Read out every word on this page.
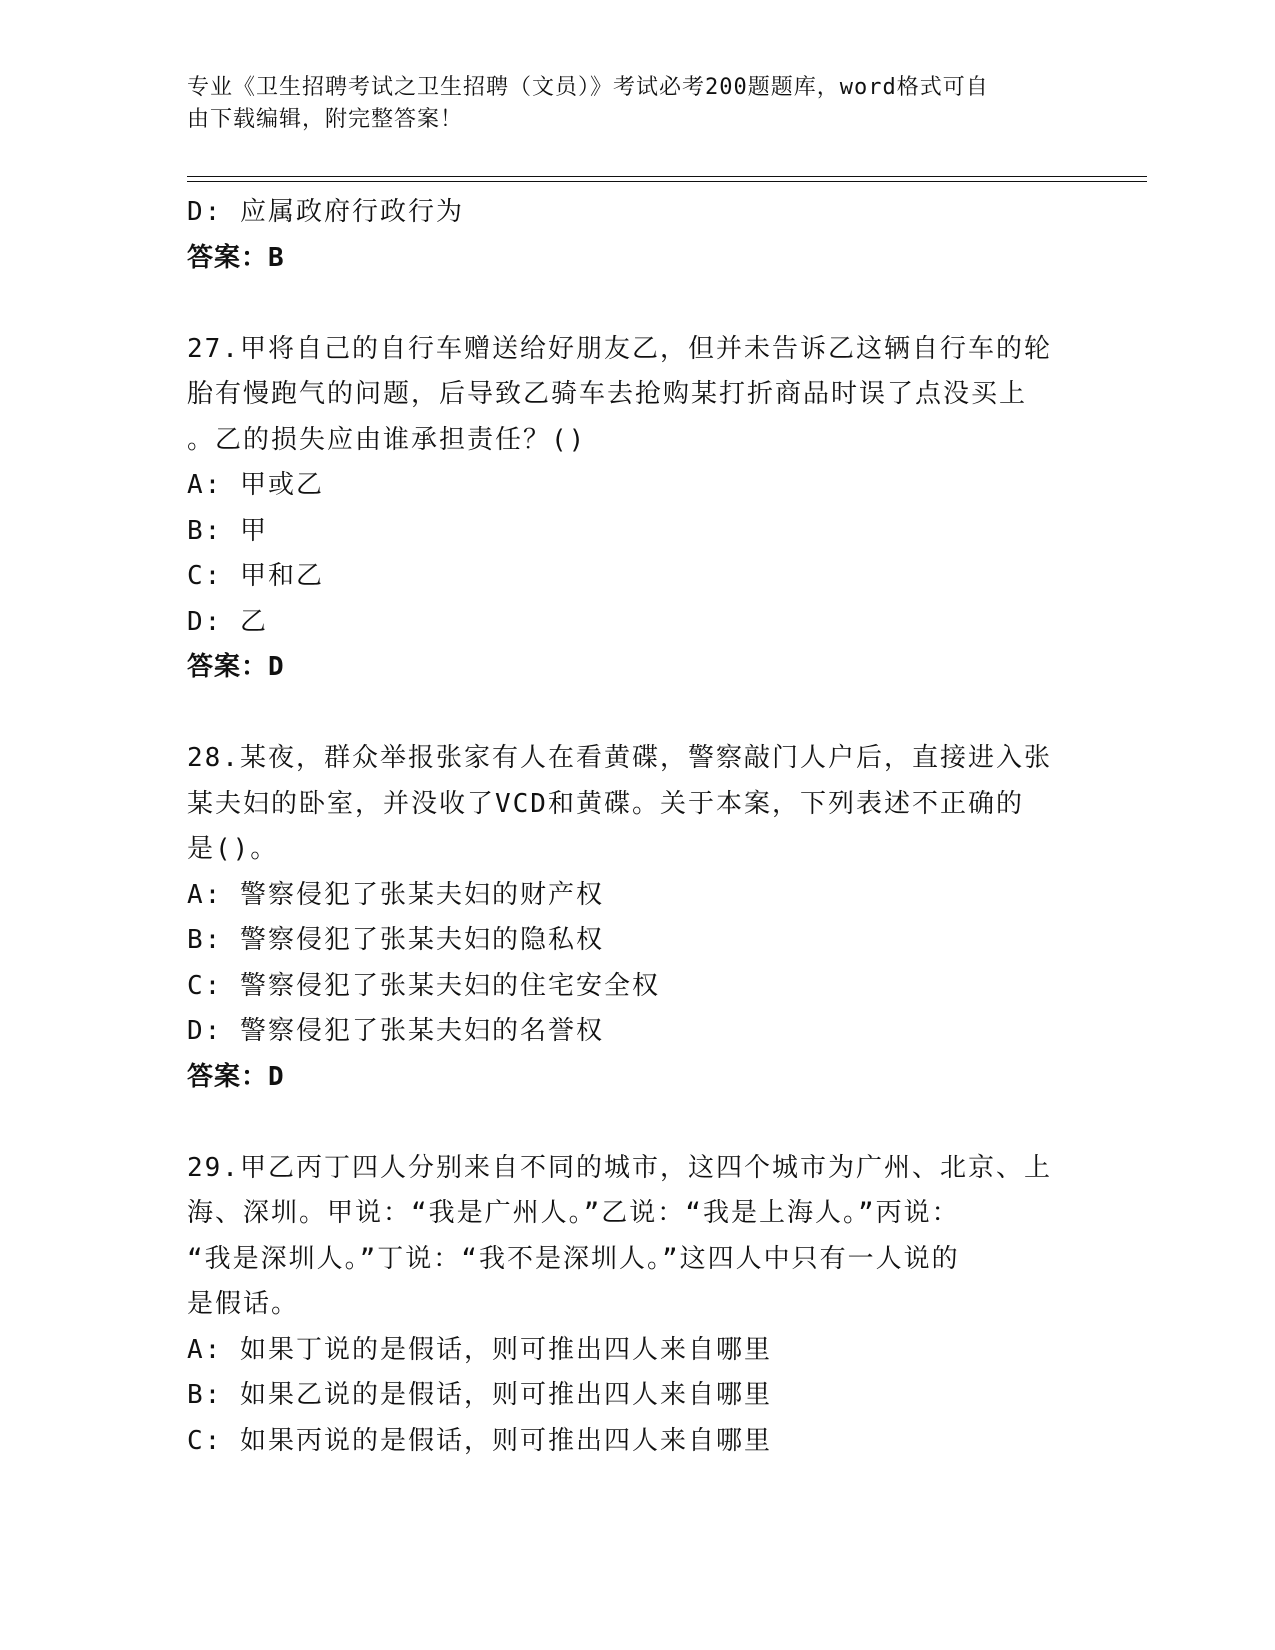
专业《卫生招聘考试之卫生招聘（文员）》考试必考200题题库，word格式可自
由下载编辑，附完整答案！
D: 应属政府行政行为
答案：B
27.甲将自己的自行车赠送给好朋友乙，但并未告诉乙这辆自行车的轮
胎有慢跑气的问题，后导致乙骑车去抢购某打折商品时误了点没买上
。乙的损失应由谁承担责任？()
A: 甲或乙
B: 甲
C: 甲和乙
D: 乙
答案：D
28.某夜，群众举报张家有人在看黄碟，警察敲门人户后，直接进入张
某夫妇的卧室，并没收了VCD和黄碟。关于本案，下列表述不正确的
是()。
A: 警察侵犯了张某夫妇的财产权
B: 警察侵犯了张某夫妇的隐私权
C: 警察侵犯了张某夫妇的住宅安全权
D: 警察侵犯了张某夫妇的名誉权
答案：D
29.甲乙丙丁四人分别来自不同的城市，这四个城市为广州、北京、上
海、深圳。甲说：“我是广州人。”乙说：“我是上海人。”丙说：
“我是深圳人。”丁说：“我不是深圳人。”这四人中只有一人说的
是假话。
A: 如果丁说的是假话，则可推出四人来自哪里
B: 如果乙说的是假话，则可推出四人来自哪里
C: 如果丙说的是假话，则可推出四人来自哪里
